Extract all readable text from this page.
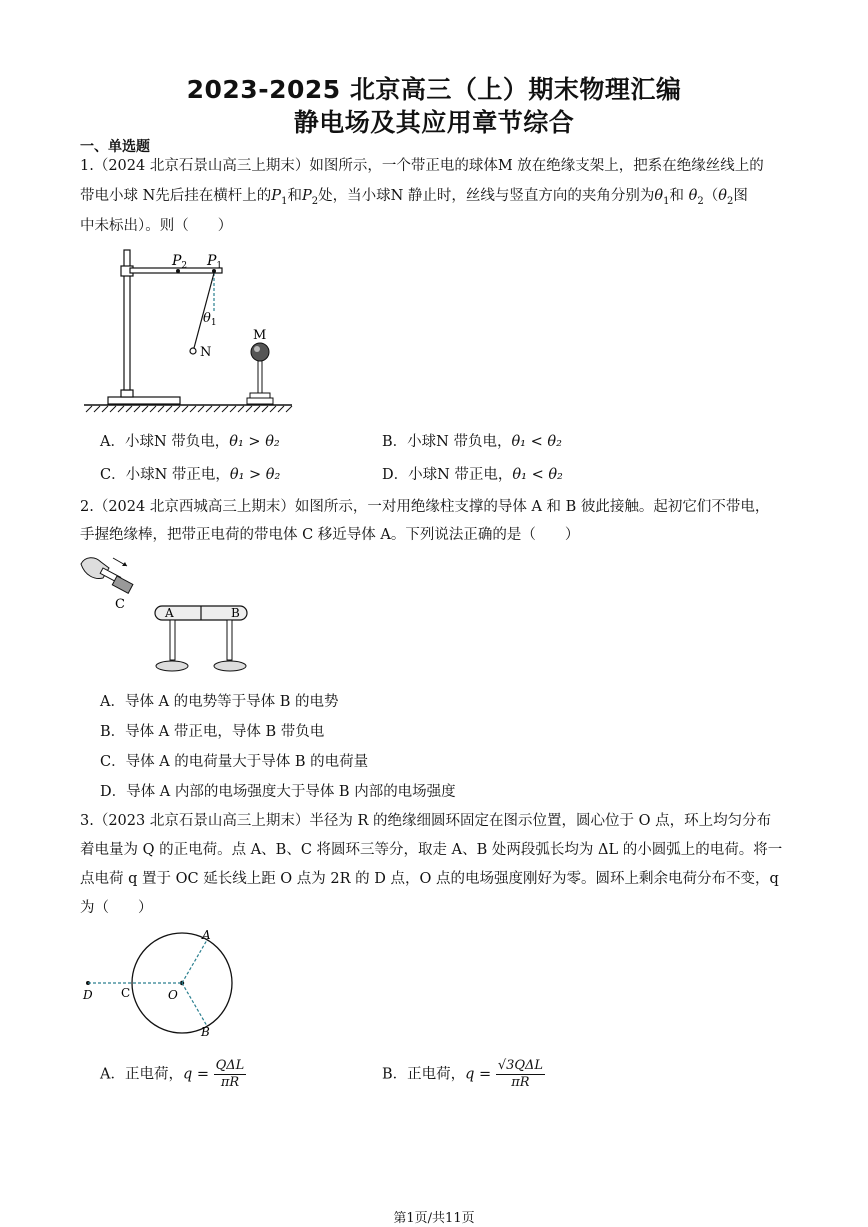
2023-2025 北京高三（上）期末物理汇编
静电场及其应用章节综合
一、单选题
1.（2024 北京石景山高三上期末）如图所示，一个带正电的球体M 放在绝缘支架上，把系在绝缘丝线上的
带电小球 N先后挂在横杆上的$P_1$和$P_2$处，当小球N 静止时，丝线与竖直方向的夹角分别为$\theta_1$和 $\theta_2(\theta_2$图
中未标出）。则（　　）
$P_2$ $P_1$
N
$\theta_1$
M
A．小球N 带负电，θ₁ > θ₂	B．小球N 带负电，θ₁ < θ₂
C．小球N 带正电，θ₁ > θ₂	D．小球N 带正电，θ₁ < θ₂
2.（2024 北京西城高三上期末）如图所示，一对用绝缘柱支撑的导体 A 和 B 彼此接触。起初它们不带电，
手握绝缘棒，把带正电荷的带电体 C 移近导体 A。下列说法正确的是（　　）
C
A	B
A．导体 A 的电势等于导体 B 的电势
B．导体 A 带正电，导体 B 带负电
C．导体 A 的电荷量大于导体 B 的电荷量
D．导体 A 内部的电场强度大于导体 B 内部的电场强度
3.（2023 北京石景山高三上期末）半径为 R 的绝缘细圆环固定在图示位置，圆心位于 O 点，环上均匀分布
着电量为 Q 的正电荷。点 A、B、C 将圆环三等分，取走 A、B 处两段弧长均为 ΔL 的小圆弧上的电荷。将一
点电荷 q 置于 OC 延长线上距 O 点为 2R 的 D 点，O 点的电场强度刚好为零。圆环上剩余电荷分布不变，q
为（　　）
A
B
C
D	O
A．正电荷，$q = \frac{\text{QΔL}}{\pi R}$	B．正电荷，$q = \frac{\text{√3QΔL}}{\pi R}$
第1页/共11页
